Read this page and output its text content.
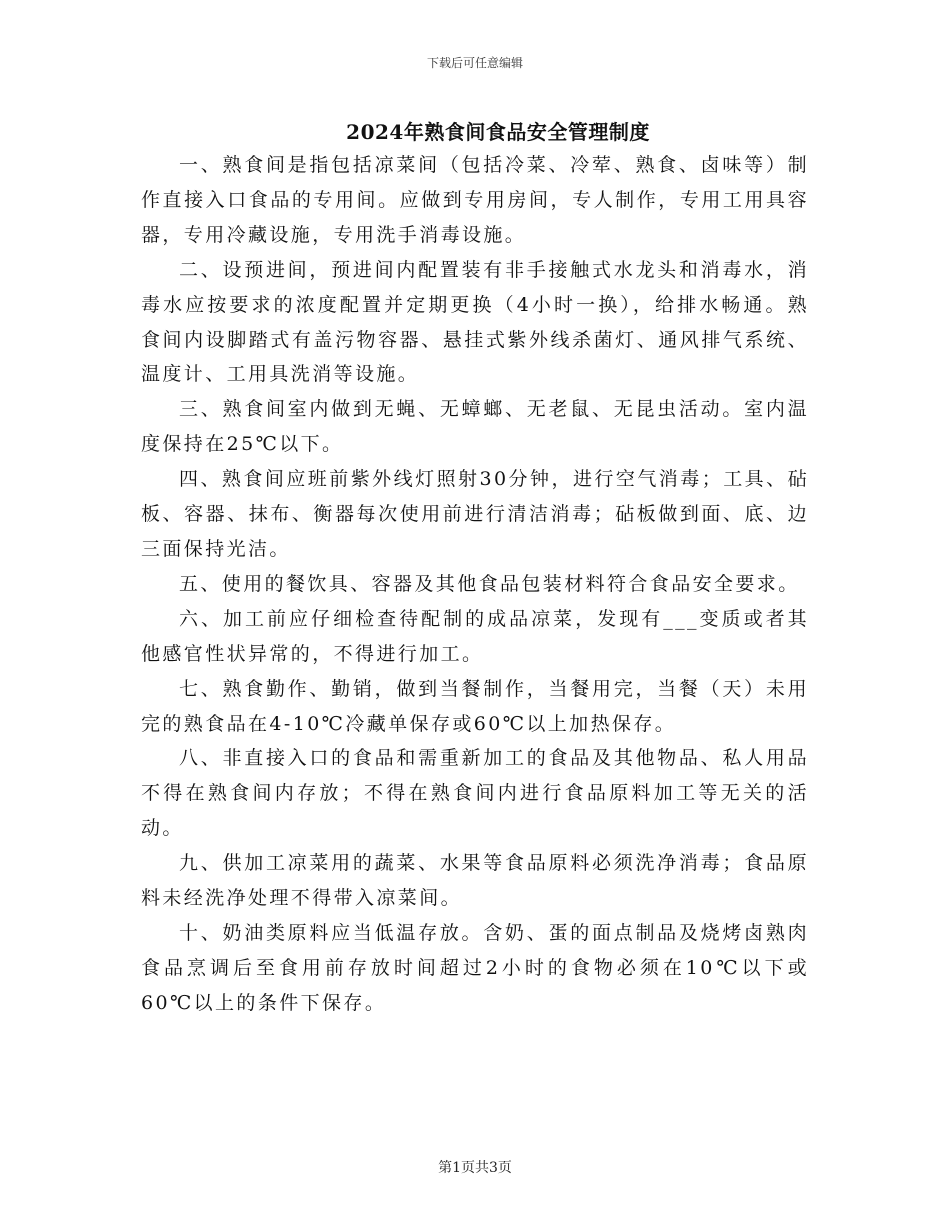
下载后可任意编辑
2024年熟食间食品安全管理制度

一、熟食间是指包括凉菜间（包括冷菜、冷荤、熟食、卤味等）制作直接入口食品的专用间。应做到专用房间，专人制作，专用工用具容器，专用冷藏设施，专用洗手消毒设施。

二、设预进间，预进间内配置装有非手接触式水龙头和消毒水，消毒水应按要求的浓度配置并定期更换（4小时一换），给排水畅通。熟食间内设脚踏式有盖污物容器、悬挂式紫外线杀菌灯、通风排气系统、温度计、工用具洗消等设施。

三、熟食间室内做到无蝇、无蟑螂、无老鼠、无昆虫活动。室内温度保持在25℃以下。

四、熟食间应班前紫外线灯照射30分钟，进行空气消毒；工具、砧板、容器、抹布、衡器每次使用前进行清洁消毒；砧板做到面、底、边三面保持光洁。

五、使用的餐饮具、容器及其他食品包装材料符合食品安全要求。

六、加工前应仔细检查待配制的成品凉菜，发现有___变质或者其他感官性状异常的，不得进行加工。

七、熟食勤作、勤销，做到当餐制作，当餐用完，当餐（天）未用完的熟食品在4-10℃冷藏单保存或60℃以上加热保存。

八、非直接入口的食品和需重新加工的食品及其他物品、私人用品不得在熟食间内存放；不得在熟食间内进行食品原料加工等无关的活动。

九、供加工凉菜用的蔬菜、水果等食品原料必须洗净消毒；食品原料未经洗净处理不得带入凉菜间。

十、奶油类原料应当低温存放。含奶、蛋的面点制品及烧烤卤熟肉食品烹调后至食用前存放时间超过2小时的食物必须在10℃以下或60℃以上的条件下保存。

第1页共3页
